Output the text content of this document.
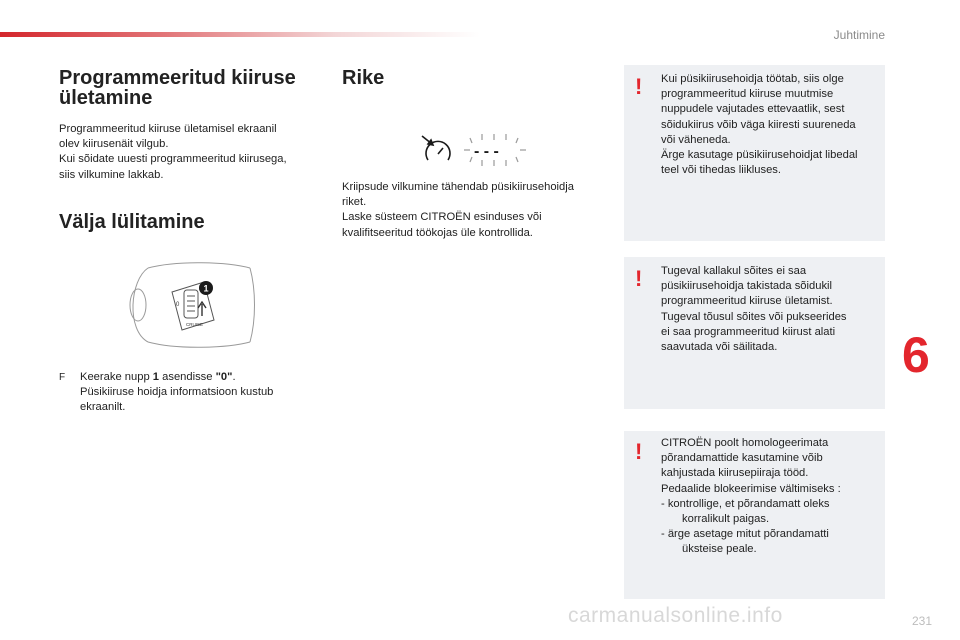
Juhtimine
Programmeeritud kiiruse
ületamine
Programmeeritud kiiruse ületamisel ekraanil
olev kiirusenäit vilgub.
Kui sõidate uuesti programmeeritud kiirusega,
siis vilkumine lakkab.
Välja lülitamine
0
CRUISE
1
F Keerake nupp 1 asendisse "0".
Püsikiiruse hoidja informatsioon kustub
ekraanilt.
Rike
- - -
Kriipsude vilkumine tähendab püsikiirusehoidja
riket.
Laske süsteem CITROËN esinduses või
kvalifitseeritud töökojas üle kontrollida.
! Kui püsikiirusehoidja töötab, siis olge
programmeeritud kiiruse muutmise
nuppudele vajutades ettevaatlik, sest
sõidukiirus võib väga kiiresti suureneda
või väheneda.
Ärge kasutage püsikiirusehoidjat libedal
teel või tihedas liikluses.
! Tugeval kallakul sõites ei saa
püsikiirusehoidja takistada sõidukil
programmeeritud kiiruse ületamist.
Tugeval tõusul sõites või pukseerides
ei saa programmeeritud kiirust alati
saavutada või säilitada.
! CITROËN poolt homologeerimata
põrandamattide kasutamine võib
kahjustada kiirusepiiraja tööd.
Pedaalide blokeerimise vältimiseks :
- kontrollige, et põrandamatt oleks
korralikult paigas.
- ärge asetage mitut põrandamatti
üksteise peale.
6
carmanualsonline.info	231
